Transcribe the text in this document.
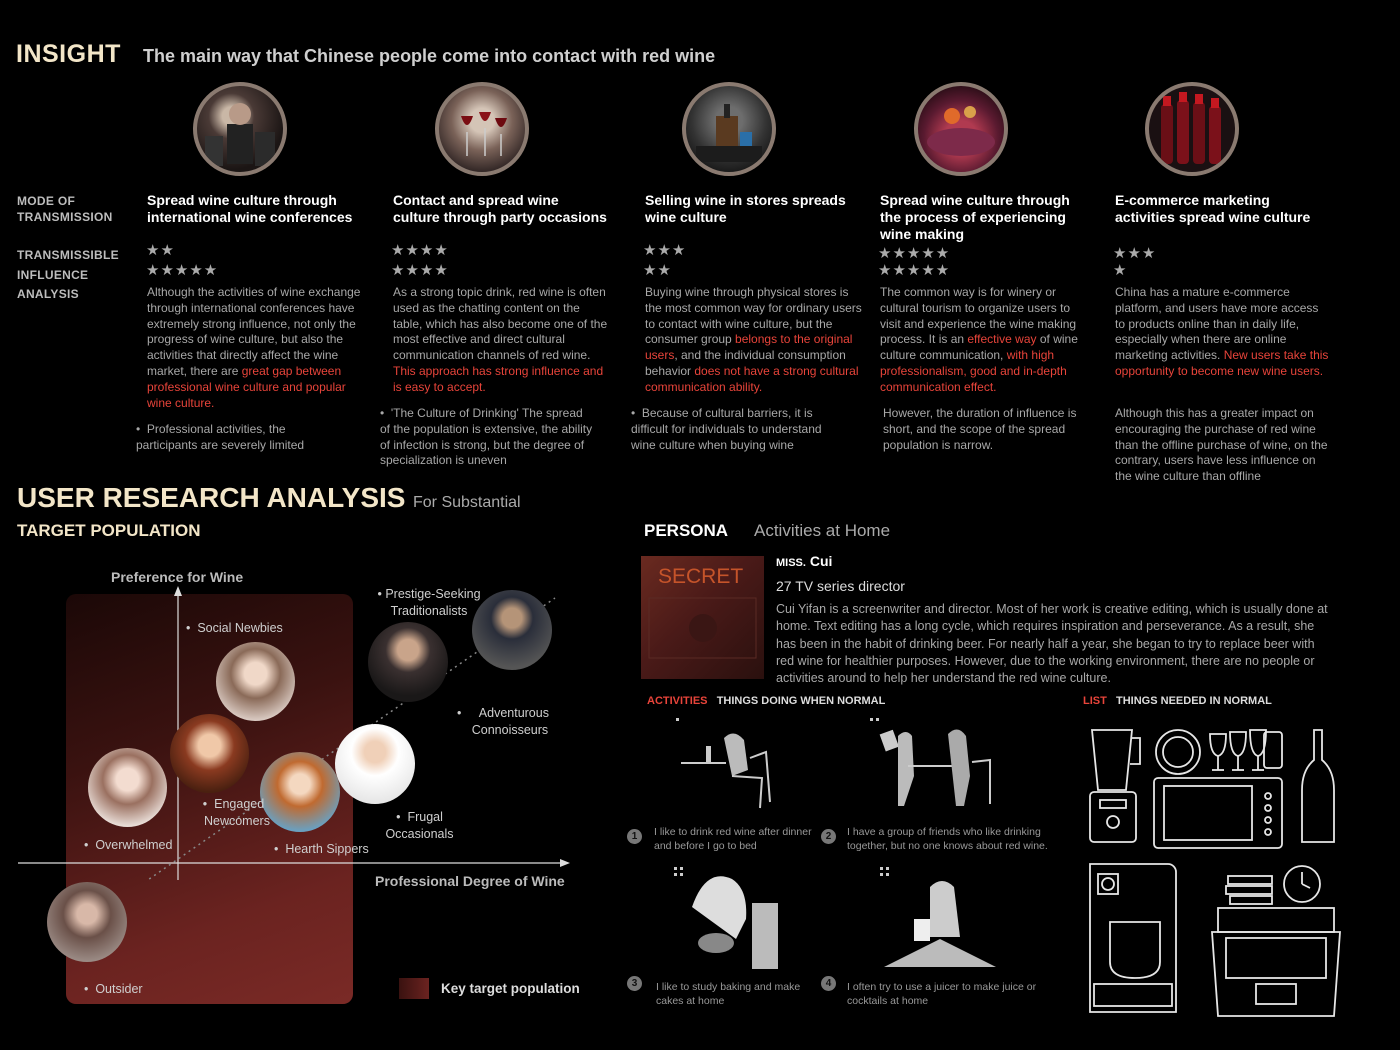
INSIGHT The main way that Chinese people come into contact with red wine
MODE OF
TRANSMISSION
TRANSMISSIBLE
INFLUENCE
ANALYSIS
Spread wine culture through
international wine conferences
★★
★★★★★
Although the activities of wine exchange through international conferences have extremely strong influence, not only the progress of wine culture, but also the activities that directly affect the wine market, there are great gap between professional wine culture and popular wine culture.
•  Professional activities, the participants are severely limited
Contact and spread wine
culture through party occasions
★★★★
★★★★
As a strong topic drink, red wine is often used as the chatting content on the table, which has also become one of the most effective and direct cultural communication channels of red wine. This approach has strong influence and is easy to accept.
•  'The Culture of Drinking' The spread of the population is extensive, the ability of infection is strong, but the degree of specialization is uneven
Selling wine in stores spreads
wine culture
★★★
★★
Buying wine through physical stores is the most common way for ordinary users to contact with wine culture, but the consumer group belongs to the original users, and the individual consumption behavior does not have a strong cultural communication ability.
•  Because of cultural barriers, it is difficult for individuals to understand wine culture when buying wine
Spread wine culture through
the process of experiencing
wine making
★★★★★
★★★★★
The common way is for winery or cultural tourism to organize users to visit and experience the wine making process. It is an effective way of wine culture communication, with high professionalism, good and in-depth communication effect.
However, the duration of influence is short, and the scope of the spread population is narrow.
E-commerce marketing
activities spread wine culture
★★★
★
China has a mature e-commerce platform, and users have more access to products online than in daily life, especially when there are online marketing activities. New users take this opportunity to become new wine users.
Although this has a greater impact on encouraging the purchase of red wine than the offline purchase of wine, on the contrary, users have less influence on the wine culture than offline
USER RESEARCH ANALYSIS For Substantial
TARGET POPULATION
Preference for Wine
Professional Degree of Wine
• Prestige-Seeking
Traditionalists
•  Social Newbies
•     Adventurous
Connoisseurs
•  Engaged
Newcomers	•  Frugal
Occasionals
•  Overwhelmed	•  Hearth Sippers
•  Outsider	Key target population
PERSONA Activities at Home
SECRET
MISS. Cui
27 TV series director
Cui Yifan is a screenwriter and director. Most of her work is creative editing, which is usually done at home. Text editing has a long cycle, which requires inspiration and perseverance. As a result, she has been in the habit of drinking beer. For nearly half a year, she began to try to replace beer with red wine for healthier purposes. However, due to the working environment, there are no people or activities around to help her understand the red wine culture.
ACTIVITIES THINGS DOING WHEN NORMAL	LIST THINGS NEEDED IN NORMAL
1	I like to drink red wine after dinner
and before I go to bed
2	I have a group of friends who like drinking
together, but no one knows about red wine.
3	I like to study baking and make
cakes at home
4	I often try to use a juicer to make juice or
cocktails at home
